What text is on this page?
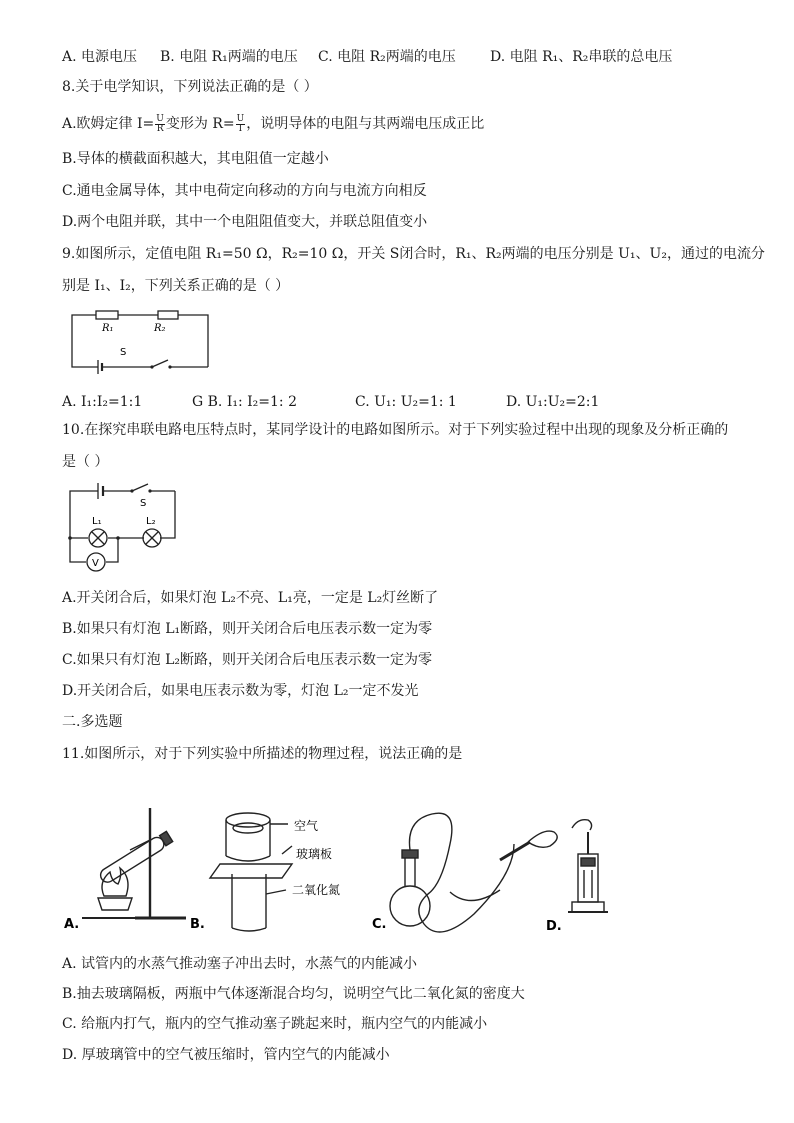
A. 电源电压 B. 电阻 R₁两端的电压 C. 电阻 R₂两端的电压 D. 电阻 R₁、R₂串联的总电压
8.关于电学知识，下列说法正确的是（ ）
A.欧姆定律 $I= \frac{U}{R}$ 变形为 $R= \frac{U}{I}$ ，说明导体的电阻与其两端电压成正比
B.导体的横截面积越大，其电阻值一定越小
C.通电金属导体，其中电荷定向移动的方向与电流方向相反
D.两个电阻并联，其中一个电阻阻值变大，并联总阻值变小
9.如图所示，定值电阻 R₁=50 Ω，R₂=10 Ω，开关 S闭合时，R₁、R₂两端的电压分别是 U₁、U₂，通过的电流分
别是 I₁、I₂，下列关系正确的是（ ）
R₁	R₂
S
A. I₁:I₂=1:1	G B. I₁: I₂=1: 2	C. U₁: U₂=1: 1	D. U₁:U₂=2:1
10.在探究串联电路电压特点时，某同学设计的电路如图所示。对于下列实验过程中出现的现象及分析正确的
是（ ）
S
L₁	L₂
V
A.开关闭合后，如果灯泡 L₂不亮、L₁亮，一定是 L₂灯丝断了
B.如果只有灯泡 L₁断路，则开关闭合后电压表示数一定为零
C.如果只有灯泡 L₂断路，则开关闭合后电压表示数一定为零
D.开关闭合后，如果电压表示数为零，灯泡 L₂一定不发光
二.多选题
11.如图所示，对于下列实验中所描述的物理过程，说法正确的是
A.
空气
玻璃板
二氧化氮
B.	C.	D.
A. 试管内的水蒸气推动塞子冲出去时，水蒸气的内能减小
B.抽去玻璃隔板，两瓶中气体逐渐混合均匀，说明空气比二氧化氮的密度大
C. 给瓶内打气，瓶内的空气推动塞子跳起来时，瓶内空气的内能减小
D. 厚玻璃管中的空气被压缩时，管内空气的内能减小
